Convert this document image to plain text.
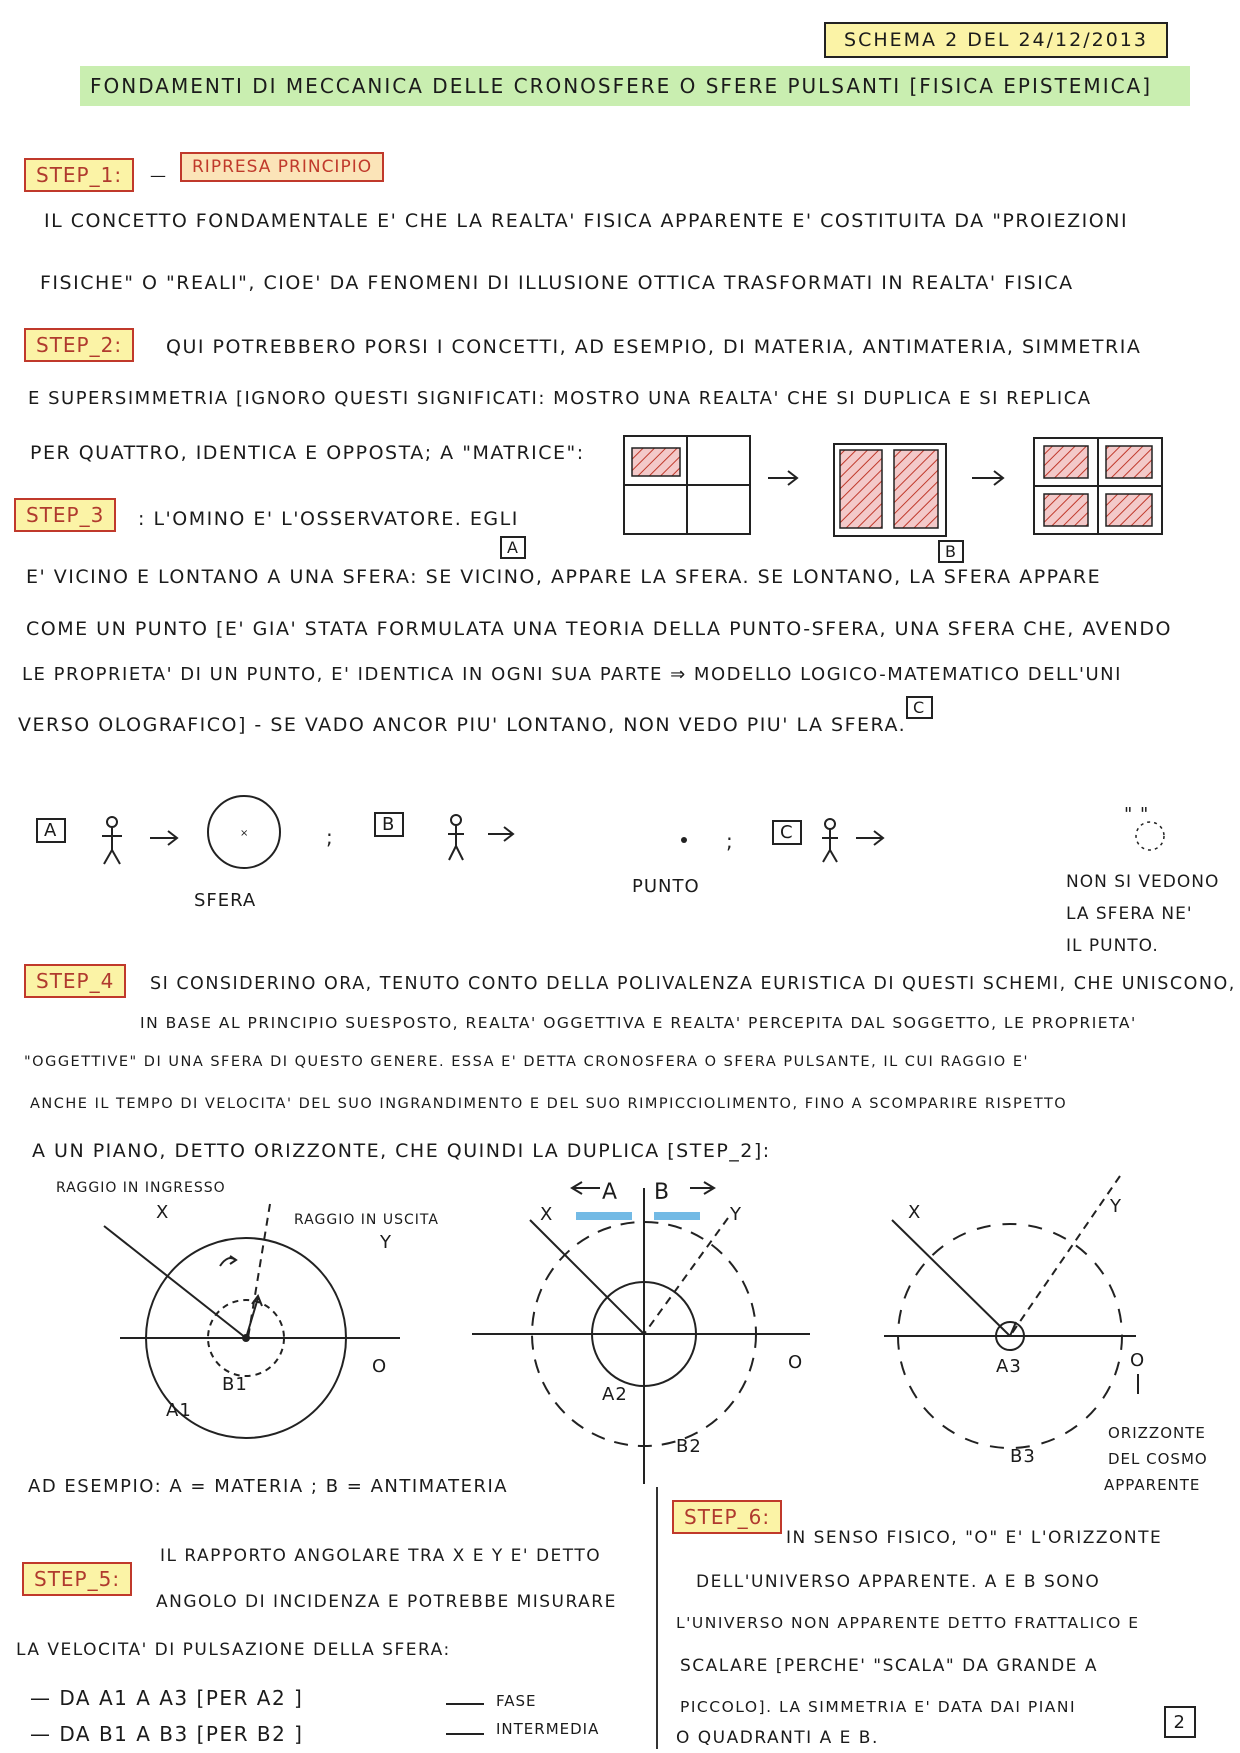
SCHEMA 2 DEL 24/12/2013
FONDAMENTI DI MECCANICA DELLE CRONOSFERE O SFERE PULSANTI [FISICA EPISTEMICA]
STEP_1:	—	RIPRESA PRINCIPIO
IL CONCETTO FONDAMENTALE E' CHE LA REALTA' FISICA APPARENTE E' COSTITUITA DA "PROIEZIONI
FISICHE" O "REALI", CIOE' DA FENOMENI DI ILLUSIONE OTTICA TRASFORMATI IN REALTA' FISICA
STEP_2:	QUI POTREBBERO PORSI I CONCETTI, AD ESEMPIO, DI MATERIA, ANTIMATERIA, SIMMETRIA
E SUPERSIMMETRIA [IGNORO QUESTI SIGNIFICATI: MOSTRO UNA REALTA' CHE SI DUPLICA E SI REPLICA
PER QUATTRO, IDENTICA E OPPOSTA; A "MATRICE":
STEP_3	: L'OMINO E' L'OSSERVATORE. EGLI
E' VICINO E LONTANO A UNA SFERA: SE VICINO, APPARE LA SFERA. SE LONTANO, LA SFERA APPARE
COME UN PUNTO [E' GIA' STATA FORMULATA UNA TEORIA DELLA PUNTO-SFERA, UNA SFERA CHE, AVENDO
LE PROPRIETA' DI UN PUNTO, E' IDENTICA IN OGNI SUA PARTE ⇒ MODELLO LOGICO-MATEMATICO DELL'UNI
VERSO OLOGRAFICO] - SE VADO ANCOR PIU' LONTANO, NON VEDO PIU' LA SFERA.
A	B
C
A	B	C
×	;	;
" "
SFERA
PUNTO	NON SI VEDONO
LA SFERA NE'
IL PUNTO.
STEP_4	SI CONSIDERINO ORA, TENUTO CONTO DELLA POLIVALENZA EURISTICA DI QUESTI SCHEMI, CHE UNISCONO,
IN BASE AL PRINCIPIO SUESPOSTO, REALTA' OGGETTIVA E REALTA' PERCEPITA DAL SOGGETTO, LE PROPRIETA'
"OGGETTIVE" DI UNA SFERA DI QUESTO GENERE. ESSA E' DETTA CRONOSFERA O SFERA PULSANTE, IL CUI RAGGIO E'
ANCHE IL TEMPO DI VELOCITA' DEL SUO INGRANDIMENTO E DEL SUO RIMPICCIOLIMENTO, FINO A SCOMPARIRE RISPETTO
A UN PIANO, DETTO ORIZZONTE, CHE QUINDI LA DUPLICA [STEP_2]:
RAGGIO IN INGRESSO
X	RAGGIO IN USCITA
Y
O
B1
A1
X
Α Β
Y
O
A2
B2
X	Y
O
A3
B3
ORIZZONTE
DEL COSMO
APPARENTE
AD ESEMPIO: A = MATERIA ; B = ANTIMATERIA
STEP_5:
IL RAPPORTO ANGOLARE TRA X E Y E' DETTO
ANGOLO DI INCIDENZA E POTREBBE MISURARE
LA VELOCITA' DI PULSAZIONE DELLA SFERA:
— DA A1 A A3 [PER A2 ]
— DA B1 A B3 [PER B2 ]
FASE
INTERMEDIA
STEP_6:
IN SENSO FISICO, "O" E' L'ORIZZONTE
DELL'UNIVERSO APPARENTE. A E B SONO
L'UNIVERSO NON APPARENTE DETTO FRATTALICO E
SCALARE [PERCHE' "SCALA" DA GRANDE A
PICCOLO]. LA SIMMETRIA E' DATA DAI PIANI
O QUADRANTI Α E Β.
2
